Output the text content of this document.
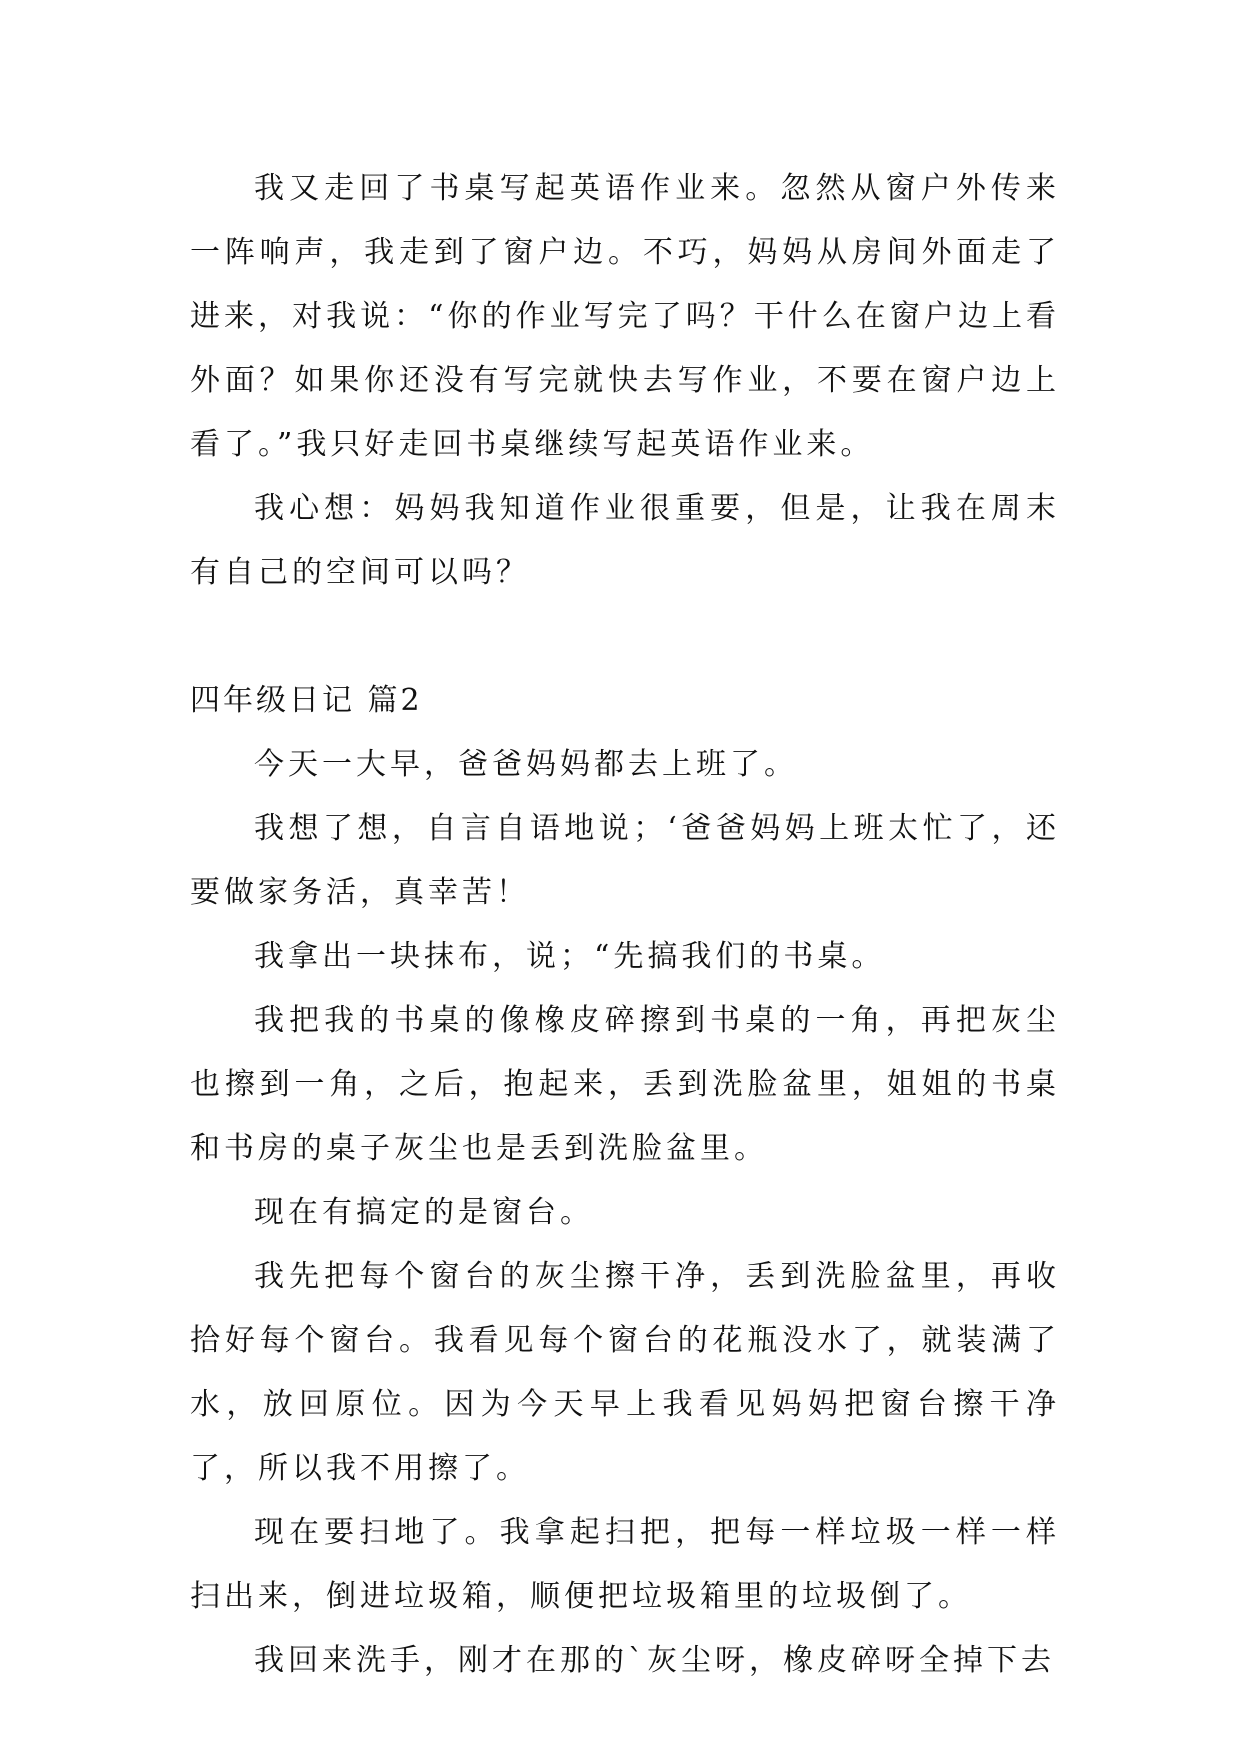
我又走回了书桌写起英语作业来。忽然从窗户外传来一阵响声，我走到了窗户边。不巧，妈妈从房间外面走了进来，对我说：“你的作业写完了吗？干什么在窗户边上看外面？如果你还没有写完就快去写作业，不要在窗户边上看了。”我只好走回书桌继续写起英语作业来。

我心想：妈妈我知道作业很重要，但是，让我在周末有自己的空间可以吗？

四年级日记 篇2

今天一大早，爸爸妈妈都去上班了。

我想了想，自言自语地说；‘爸爸妈妈上班太忙了，还要做家务活，真幸苦！

我拿出一块抹布，说；“先搞我们的书桌。

我把我的书桌的像橡皮碎擦到书桌的一角，再把灰尘也擦到一角，之后，抱起来，丢到洗脸盆里，姐姐的书桌和书房的桌子灰尘也是丢到洗脸盆里。

现在有搞定的是窗台。

我先把每个窗台的灰尘擦干净，丢到洗脸盆里，再收拾好每个窗台。我看见每个窗台的花瓶没水了，就装满了水，放回原位。因为今天早上我看见妈妈把窗台擦干净了，所以我不用擦了。

现在要扫地了。我拿起扫把，把每一样垃圾一样一样扫出来，倒进垃圾箱，顺便把垃圾箱里的垃圾倒了。

我回来洗手，刚才在那的`灰尘呀，橡皮碎呀全掉下去
